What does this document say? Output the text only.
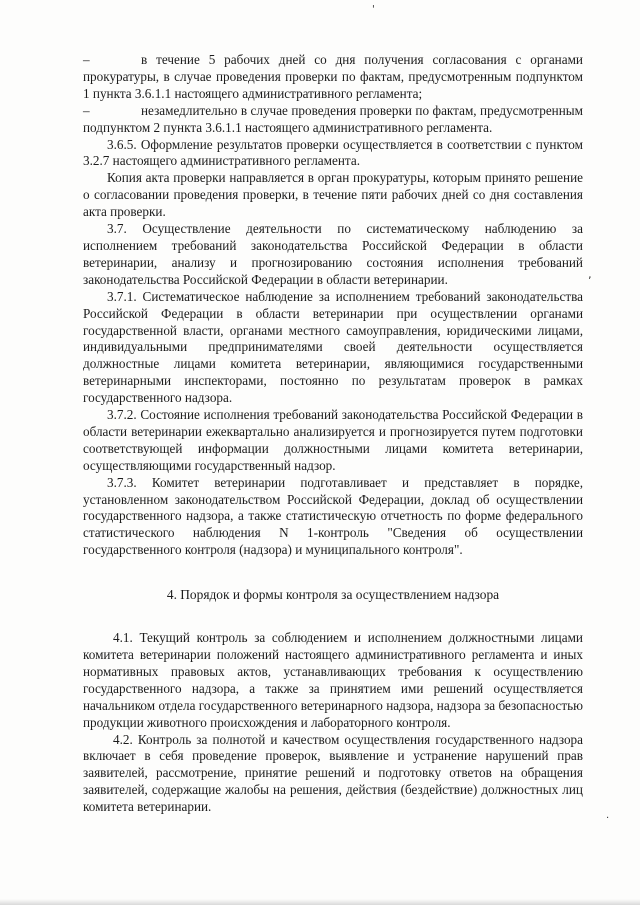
'
‚
·

–	в течение 5 рабочих дней со дня получения согласования с органами прокуратуры, в случае проведения проверки по фактам, предусмотренным подпунктом 1 пункта 3.6.1.1 настоящего административного регламента;

–	незамедлительно в случае проведения проверки по фактам, предусмотренным подпунктом 2 пункта 3.6.1.1 настоящего административного регламента.

3.6.5. Оформление результатов проверки осуществляется в соответствии с пунктом 3.2.7 настоящего административного регламента.

Копия акта проверки направляется в орган прокуратуры, которым принято решение о согласовании проведения проверки, в течение пяти рабочих дней со дня составления акта проверки.

3.7. Осуществление деятельности по систематическому наблюдению за исполнением требований законодательства Российской Федерации в области ветеринарии, анализу и прогнозированию состояния исполнения требований законодательства Российской Федерации в области ветеринарии.

3.7.1. Систематическое наблюдение за исполнением требований законодательства Российской Федерации в области ветеринарии при осуществлении органами государственной власти, органами местного самоуправления, юридическими лицами, индивидуальными предпринимателями своей деятельности осуществляется должностные лицами комитета ветеринарии, являющимися государственными ветеринарными инспекторами, постоянно по результатам проверок в рамках государственного надзора.

3.7.2. Состояние исполнения требований законодательства Российской Федерации в области ветеринарии ежеквартально анализируется и прогнозируется путем подготовки соответствующей информации должностными лицами комитета ветеринарии, осуществляющими государственный надзор.

3.7.3. Комитет ветеринарии подготавливает и представляет в порядке, установленном законодательством Российской Федерации, доклад об осуществлении государственного надзора, а также статистическую отчетность по форме федерального статистического наблюдения N 1-контроль "Сведения об осуществлении государственного контроля (надзора) и муниципального контроля".

4. Порядок и формы контроля за осуществлением надзора

4.1. Текущий контроль за соблюдением и исполнением должностными лицами комитета ветеринарии положений настоящего административного регламента и иных нормативных правовых актов, устанавливающих требования к осуществлению государственного надзора, а также за принятием ими решений осуществляется начальником отдела государственного ветеринарного надзора, надзора за безопасностью продукции животного происхождения и лабораторного контроля.

4.2. Контроль за полнотой и качеством осуществления государственного надзора включает в себя проведение проверок, выявление и устранение нарушений прав заявителей, рассмотрение, принятие решений и подготовку ответов на обращения заявителей, содержащие жалобы на решения, действия (бездействие) должностных лиц комитета ветеринарии.
